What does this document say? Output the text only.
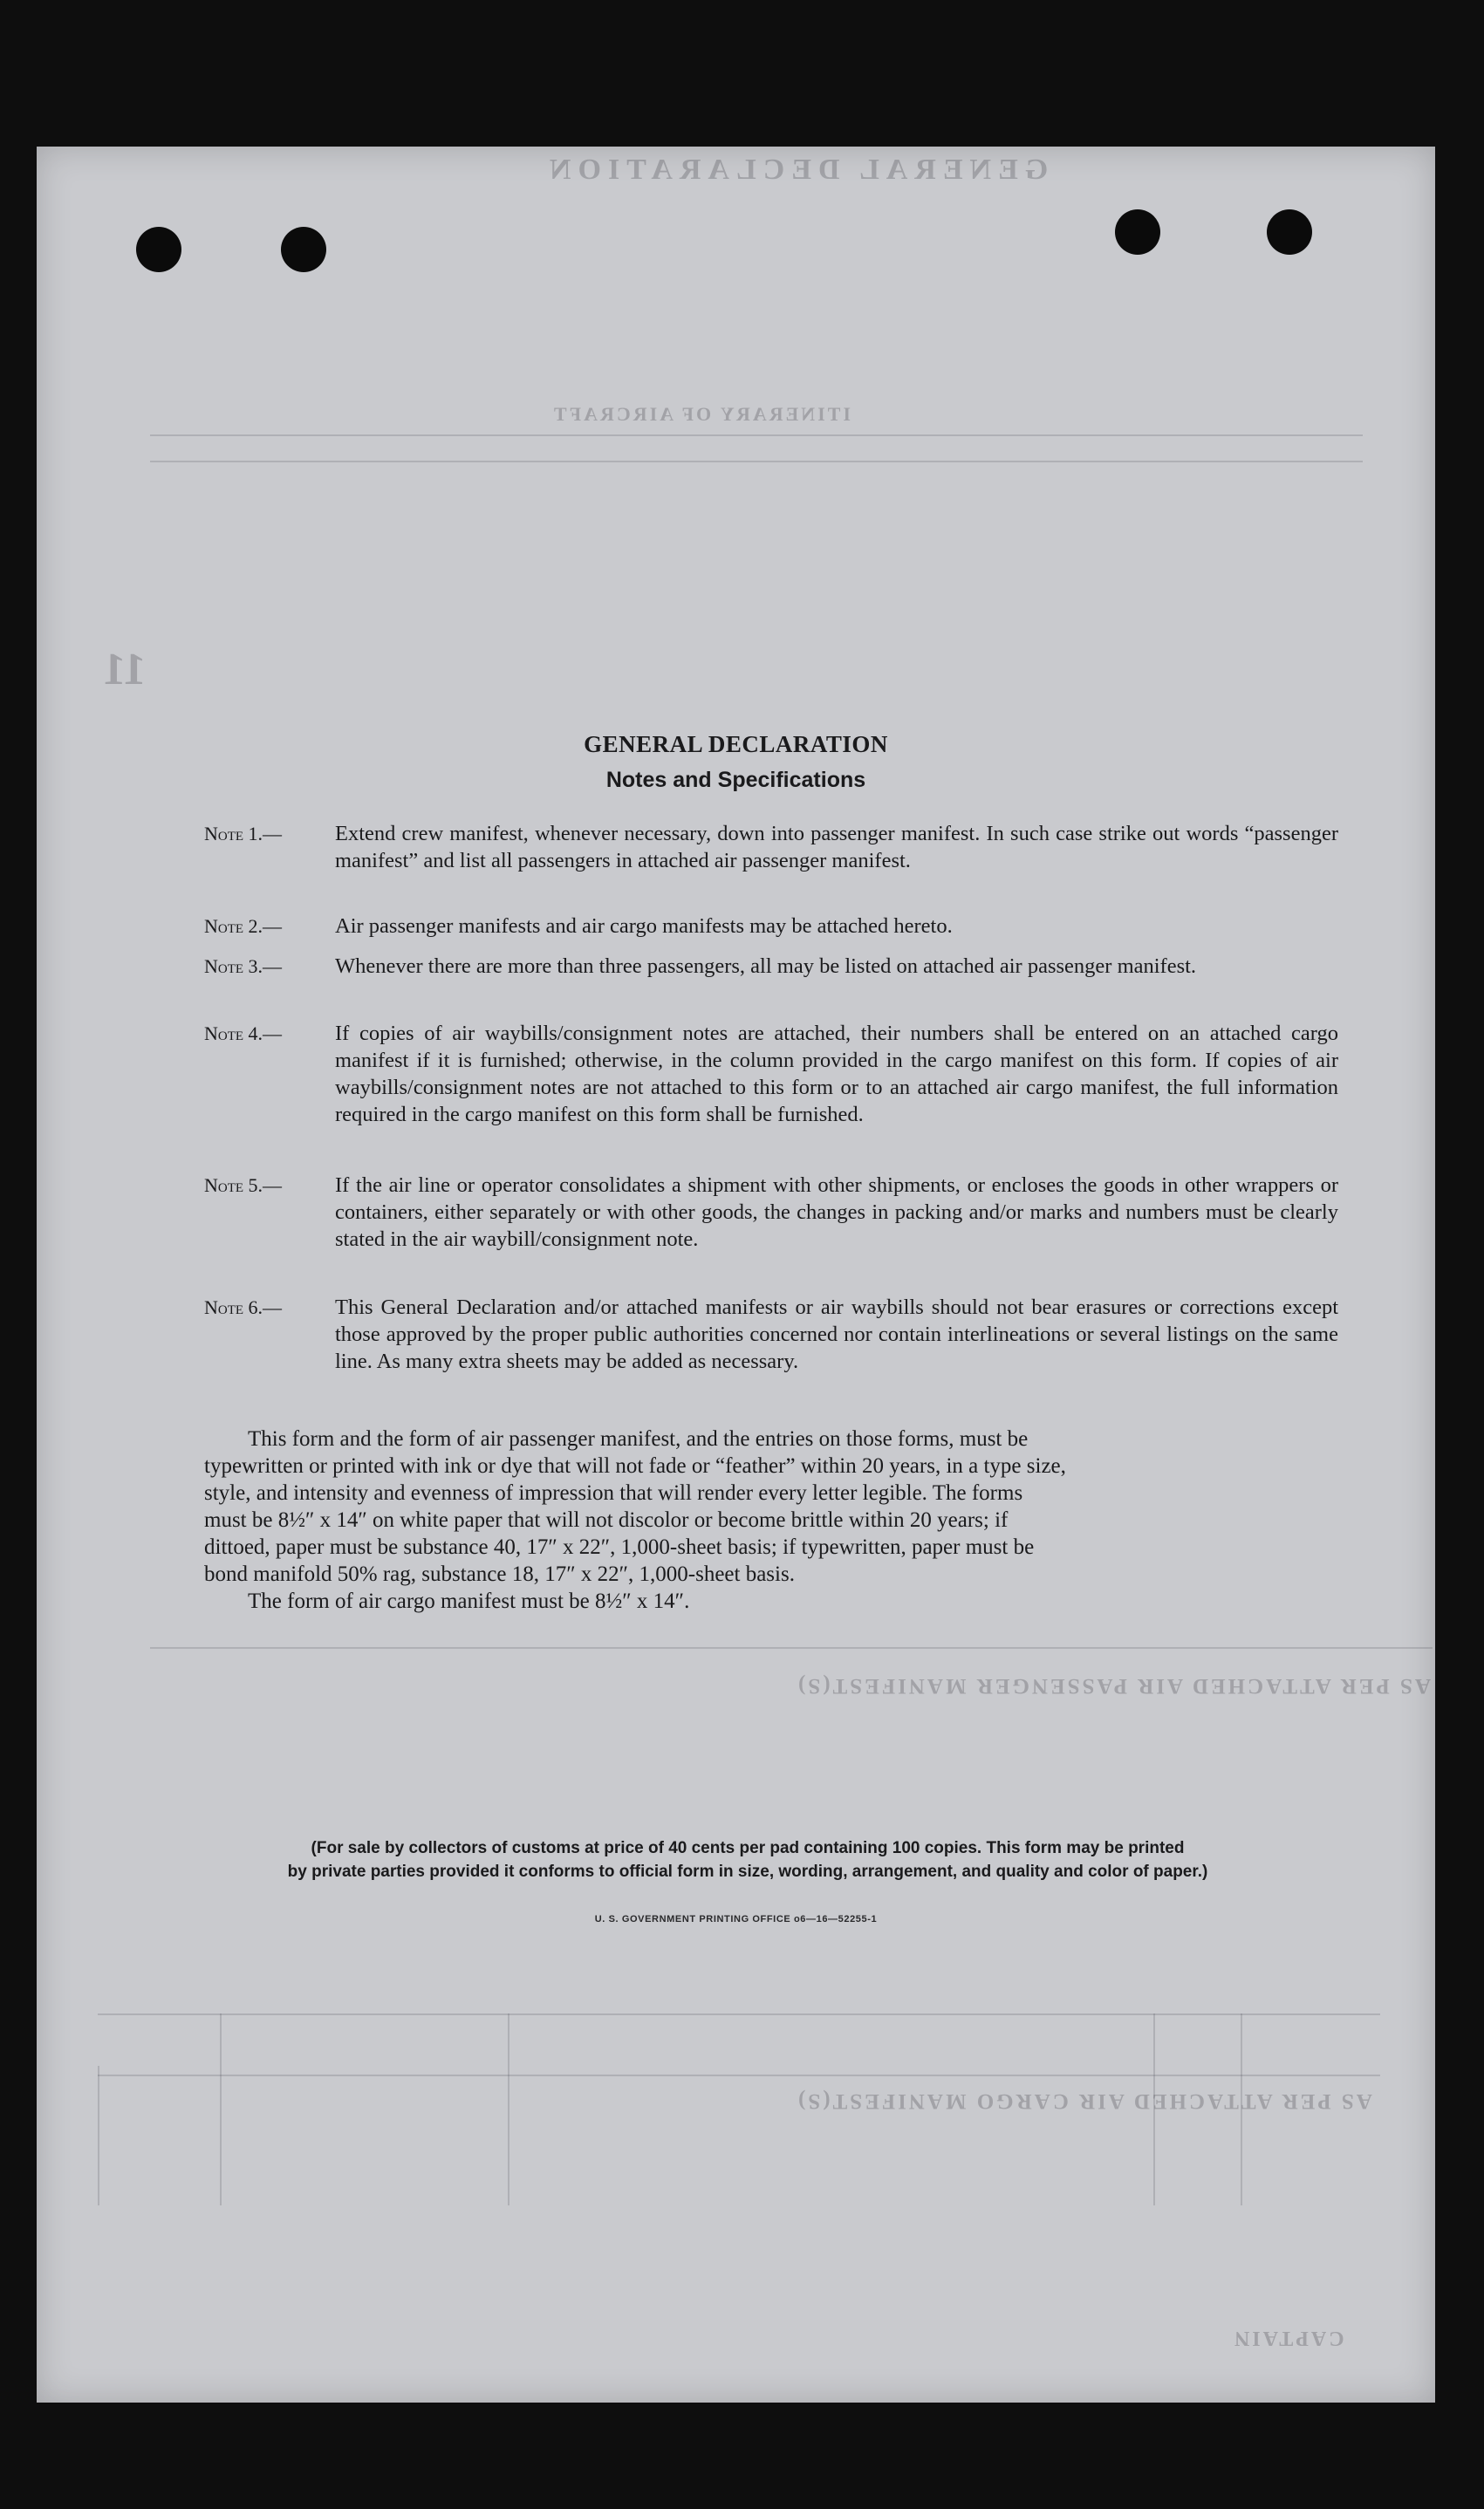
GENERAL DECLARATION
ITINERARY OF AIRCRAFT
11
AS PER ATTACHED AIR PASSENGER MANIFEST(S)
AS PER ATTACHED AIR CARGO MANIFEST(S)
CAPTAIN
GENERAL DECLARATION
Notes and Specifications
Note 1.—	Extend crew manifest, whenever necessary, down into passenger manifest. In such case strike out words “passenger manifest” and list all passengers in attached air passenger manifest.
Note 2.—	Air passenger manifests and air cargo manifests may be attached hereto.
Note 3.—	Whenever there are more than three passengers, all may be listed on attached air passenger manifest.
Note 4.—	If copies of air waybills/consignment notes are attached, their numbers shall be entered on an attached cargo manifest if it is furnished; otherwise, in the column provided in the cargo manifest on this form. If copies of air waybills/consignment notes are not attached to this form or to an attached air cargo manifest, the full information required in the cargo manifest on this form shall be furnished.
Note 5.—	If the air line or operator consolidates a shipment with other shipments, or encloses the goods in other wrappers or containers, either separately or with other goods, the changes in packing and/or marks and numbers must be clearly stated in the air waybill/consignment note.
Note 6.—	This General Declaration and/or attached manifests or air waybills should not bear erasures or corrections except those approved by the proper public authorities concerned nor contain interlineations or several listings on the same line. As many extra sheets may be added as necessary.
This form and the form of air passenger manifest, and the entries on those forms, must be
typewritten or printed with ink or dye that will not fade or “feather” within 20 years, in a type size,
style, and intensity and evenness of impression that will render every letter legible. The forms
must be 8½″ x 14″ on white paper that will not discolor or become brittle within 20 years; if
dittoed, paper must be substance 40, 17″ x 22″, 1,000-sheet basis; if typewritten, paper must be
bond manifold 50% rag, substance 18, 17″ x 22″, 1,000-sheet basis.
The form of air cargo manifest must be 8½″ x 14″.
(For sale by collectors of customs at price of 40 cents per pad containing 100 copies. This form may be printed
by private parties provided it conforms to official form in size, wording, arrangement, and quality and color of paper.)
U. S. GOVERNMENT PRINTING OFFICE o6—16—52255-1
